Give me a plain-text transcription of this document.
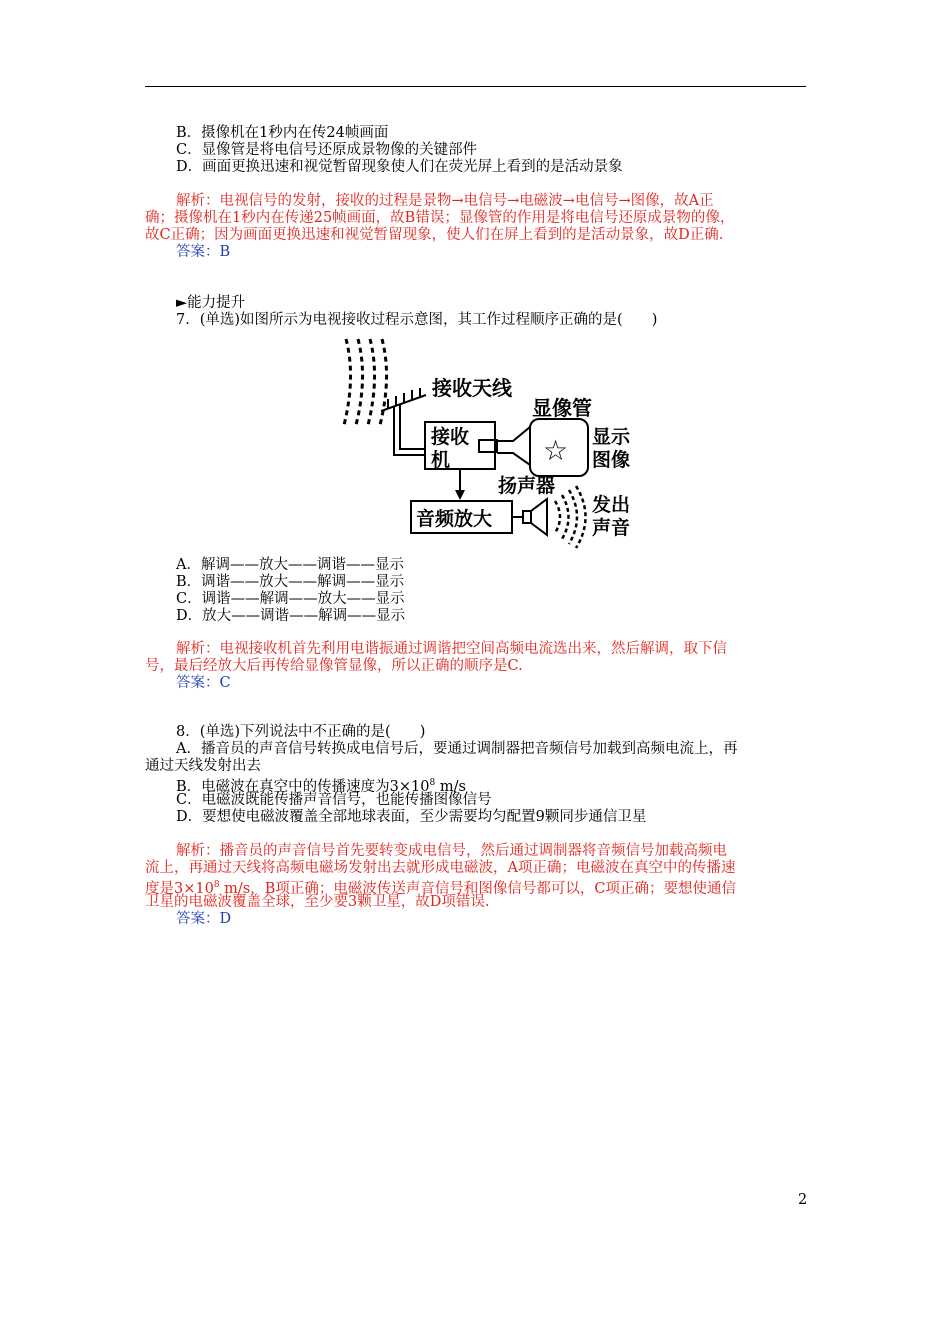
B．摄像机在1秒内在传24帧画面
C．显像管是将电信号还原成景物像的关键部件
D．画面更换迅速和视觉暂留现象使人们在荧光屏上看到的是活动景象
解析：电视信号的发射，接收的过程是景物→电信号→电磁波→电信号→图像，故A正
确；摄像机在1秒内在传递25帧画面，故B错误；显像管的作用是将电信号还原成景物的像，
故C正确；因为画面更换迅速和视觉暂留现象，使人们在屏上看到的是活动景象，故D正确.
答案：B
►能力提升
7．(单选)如图所示为电视接收过程示意图，其工作过程顺序正确的是(　　)
接收天线
接收
机	☆
显像管
显示
图像
扬声器
音频放大
发出
声音
A．解调——放大——调谐——显示
B．调谐——放大——解调——显示
C．调谐——解调——放大——显示
D．放大——调谐——解调——显示
解析：电视接收机首先利用电谐振通过调谐把空间高频电流选出来，然后解调，取下信
号，最后经放大后再传给显像管显像，所以正确的顺序是C.
答案：C
8．(单选)下列说法中不正确的是(　　)
A．播音员的声音信号转换成电信号后，要通过调制器把音频信号加载到高频电流上，再
通过天线发射出去
B．电磁波在真空中的传播速度为$3\times 10^8$ m/s
C．电磁波既能传播声音信号，也能传播图像信号
D．要想使电磁波覆盖全部地球表面，至少需要均匀配置9颗同步通信卫星
解析：播音员的声音信号首先要转变成电信号，然后通过调制器将音频信号加载高频电
流上，再通过天线将高频电磁场发射出去就形成电磁波，A项正确；电磁波在真空中的传播速
度是$3\times 10^8$ m/s，B项正确；电磁波传送声音信号和图像信号都可以，C项正确；要想使通信
卫星的电磁波覆盖全球，至少要3颗卫星，故D项错误.
答案：D
2
